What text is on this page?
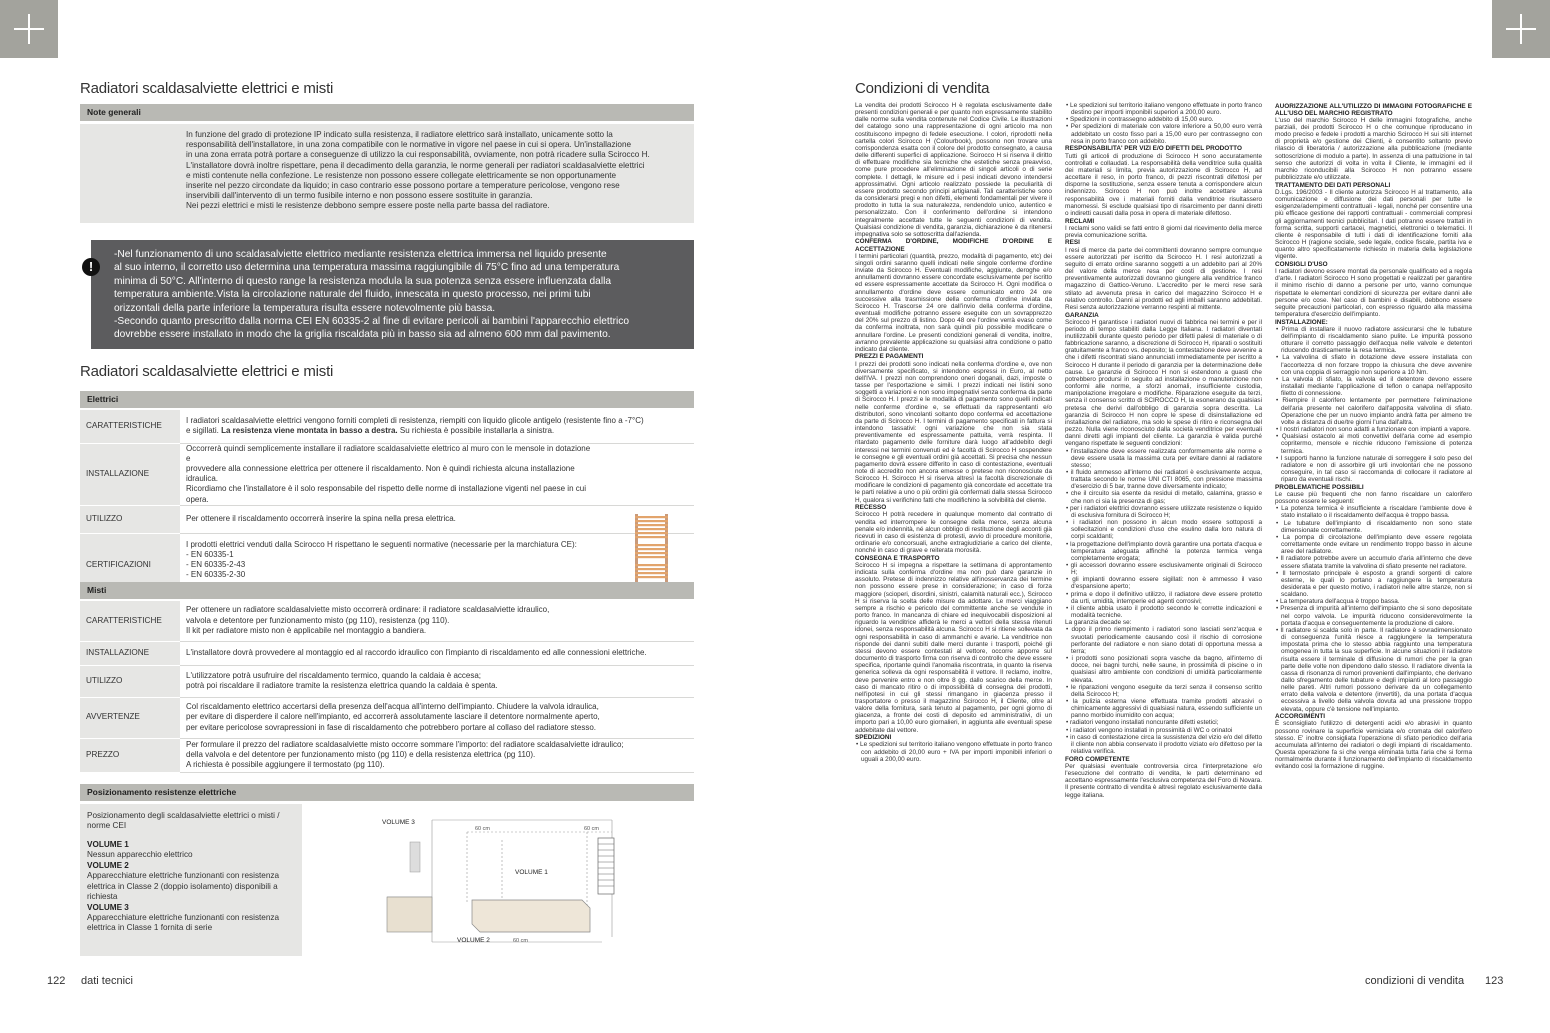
Radiatori scaldasalviette elettrici e misti
Note generali
In funzione del grado di protezione IP indicato sulla resistenza, il radiatore elettrico sarà installato, unicamente sotto la
responsabilità dell'installatore, in una zona compatibile con le normative in vigore nel paese in cui si opera. Un'installazione
in una zona errata potrà portare a conseguenze di utilizzo la cui responsabilità, ovviamente, non potrà ricadere sulla Scirocco H.
L'installatore dovrà inoltre rispettare, pena il decadimento della garanzia, le norme generali per radiatori scaldasalviette elettrici
e misti contenute nella confezione. Le resistenze non possono essere collegate elettricamente se non opportunamente
inserite nel pezzo circondate da liquido; in caso contrario esse possono portare a temperature pericolose, vengono rese
inservibili dall'intervento di un termo fusibile interno e non possono essere sostituite in garanzia.
Nei pezzi elettrici e misti le resistenze debbono sempre essere poste nella parte bassa del radiatore.
!
-Nel funzionamento di uno scaldasalviette elettrico mediante resistenza elettrica immersa nel liquido presente
al suo interno, il corretto uso determina una temperatura massima raggiungibile di 75°C fino ad una temperatura
minima di 50°C. All'interno di questo range la resistenza modula la sua potenza senza essere influenzata dalla
temperatura ambiente.Vista la circolazione naturale del fluido, innescata in questo processo, nei primi tubi
orizzontali della parte inferiore la temperatura risulta essere notevolmente più bassa.
-Secondo quanto prescritto dalla norma CEI EN 60335-2 al fine di evitare pericoli ai bambini l'apparecchio elettrico
dovrebbe essere installato in modo che la griglia riscaldata più in basso sia ad almeno 600 mm dal pavimento.
Radiatori scaldasalviette elettrici e misti
Elettrici
CARATTERISTICHE	I radiatori scaldasalviette elettrici vengono forniti completi di resistenza, riempiti con liquido glicole antigelo (resistente fino a -7°C)
e sigillati. La resistenza viene montata in basso a destra. Su richiesta è possibile installarla a sinistra.
INSTALLAZIONE	Occorrerà quindi semplicemente installare il radiatore scaldasalviette elettrico al muro con le mensole in dotazione e
provvedere alla connessione elettrica per ottenere il riscaldamento. Non è quindi richiesta alcuna installazione idraulica.
Ricordiamo che l'installatore è il solo responsabile del rispetto delle norme di installazione vigenti nel paese in cui opera.
UTILIZZO	Per ottenere il riscaldamento occorrerà inserire la spina nella presa elettrica.
CERTIFICAZIONI	I prodotti elettrici venduti dalla Scirocco H rispettano le seguenti normative (necessarie per la marchiatura CE):
- EN 60335-1
- EN 60335-2-43
- EN 60335-2-30

Misti
CARATTERISTICHE	Per ottenere un radiatore scaldasalviette misto occorrerà ordinare: il radiatore scaldasalviette idraulico,
valvola e detentore per funzionamento misto (pg 110), resistenza (pg 110).
Il kit per radiatore misto non è applicabile nel montaggio a bandiera.
INSTALLAZIONE	L'installatore dovrà provvedere al montaggio ed al raccordo idraulico con l'impianto di riscaldamento ed alle connessioni elettriche.
UTILIZZO	L'utilizzatore potrà usufruire del riscaldamento termico, quando la caldaia è accesa;
potrà poi riscaldare il radiatore tramite la resistenza elettrica quando la caldaia è spenta.
AVVERTENZE	Col riscaldamento elettrico accertarsi della presenza dell'acqua all'interno dell'impianto. Chiudere la valvola idraulica,
per evitare di disperdere il calore nell'impianto, ed accorrerà assolutamente lasciare il detentore normalmente aperto,
per evitare pericolose sovrapressioni in fase di riscaldamento che potrebbero portare al collaso del radiatore stesso.
PREZZO	Per formulare il prezzo del radiatore scaldasalviette misto occorre sommare l'importo: del radiatore scaldasalviette idraulico;
della valvola e del detentore per funzionamento misto (pg 110) e della resistenza elettrica (pg 110).
A richiesta è possibile aggiungere il termostato (pg 110).
Posizionamento resistenze elettriche
Posizionamento degli scaldasalviette elettrici o misti / norme CEI
VOLUME 1
Nessun apparecchio elettrico
VOLUME 2
Apparecchiature elettriche funzionanti con resistenza elettrica in Classe 2 (doppio isolamento) disponibili a richiesta
VOLUME 3
Apparecchiature elettriche funzionanti con resistenza elettrica in Classe 1 fornita di serie
VOLUME 3
VOLUME 1
VOLUME 2
60 cm	60 cm
60 cm
122 dati tecnici
Condizioni di vendita

La vendita dei prodotti Scirocco H è regolata esclusivamente dalle presenti condizioni generali e per quanto non espressamente stabilito dalle norme sulla vendita contenute nel Codice Civile. Le illustrazioni del catalogo sono una rappresentazione di ogni articolo ma non costituiscono impegno di fedele esecuzione. I colori, riprodotti nella cartella colori Scirocco H (Colourbook), possono non trovare una corrispondenza esatta con il colore del prodotto consegnato, a causa delle differenti superfici di applicazione. Scirocco H si riserva il diritto di effettuare modifiche sia tecniche che estetiche senza preavviso, come pure procedere all'eliminazione di singoli articoli o di serie complete. I dettagli, le misure ed i pesi indicati devono intendersi approssimativi. Ogni articolo realizzato possiede la peculiarità di essere prodotto secondo principi artigianali. Tali caratteristiche sono da considerarsi pregi e non difetti, elementi fondamentali per vivere il prodotto in tutta la sua naturalezza, rendendolo unico, autentico e personalizzato. Con il conferimento dell'ordine si intendono integralmente accettate tutte le seguenti condizioni di vendita. Qualsiasi condizione di vendita, garanzia, dichiarazione è da ritenersi impegnativa solo se sottoscritta dall'azienda.

CONFERMA D'ORDINE, MODIFICHE D'ORDINE E ACCETTAZIONE

I termini particolari (quantità, prezzo, modalità di pagamento, etc) dei singoli ordini saranno quelli indicati nelle singole conferme d'ordine inviate da Scirocco H. Eventuali modifiche, aggiunte, deroghe e/o annullamenti dovranno essere concordate esclusivamente per iscritto ed essere espressamente accettate da Scirocco H. Ogni modifica o annullamento d'ordine deve essere comunicato entro 24 ore successive alla trasmissione della conferma d'ordine inviata da Scirocco H. Trascorse 24 ore dall'invio della conferma d'ordine, eventuali modifiche potranno essere eseguite con un sovrapprezzo del 20% sul prezzo di listino. Dopo 48 ore l'ordine verrà evaso come da conferma inoltrata, non sarà quindi più possibile modificare o annullare l'ordine. Le presenti condizioni generali di vendita, inoltre, avranno prevalente applicazione su qualsiasi altra condizione o patto indicato dal cliente.

PREZZI E PAGAMENTI

I prezzi dei prodotti sono indicati nella conferma d'ordine e, ove non diversamente specificato, si intendono espressi in Euro, al netto dell'IVA. I prezzi non comprendono oneri doganali, dazi, imposte o tasse per l'esportazione e simili. I prezzi indicati nei listini sono soggetti a variazioni e non sono impegnativi senza conferma da parte di Scirocco H. I prezzi e le modalità di pagamento sono quelli indicati nelle conferme d'ordine e, se effettuati da rappresentanti e/o distributori, sono vincolanti soltanto dopo conferma ed accettazione da parte di Scirocco H. I termini di pagamento specificati in fattura si intendono tassativi: ogni variazione che non sia stata preventivamente ed espressamente pattuita, verrà respinta. Il ritardato pagamento delle forniture darà luogo all'addebito degli interessi nei termini convenuti ed è facoltà di Scirocco H sospendere le consegne e gli eventuali ordini già accettati. Si precisa che nessun pagamento dovrà essere differito in caso di contestazione, eventuali note di accredito non ancora emesse o pretese non riconosciute da Scirocco H. Scirocco H si riserva altresì la facoltà discrezionale di modificare le condizioni di pagamento già concordate ed accettate tra le parti relative a uno o più ordini già confermati dalla stessa Scirocco H, qualora si verifichino fatti che modifichino la solvibilità del cliente.

RECESSO

Scirocco H potrà recedere in qualunque momento dal contratto di vendita ed interrompere le consegne della merce, senza alcuna penale e/o indennità, né alcun obbligo di restituzione degli acconti già ricevuti in caso di esistenza di protesti, avvio di procedure monitorie, ordinarie e/o concorsuali, anche extragiudiziarie a carico del cliente, nonché in caso di grave e reiterata morosità.

CONSEGNA E TRASPORTO

Scirocco H si impegna a rispettare la settimana di approntamento indicata sulla conferma d'ordine ma non può dare garanzie in assoluto. Pretese di indennizzo relative all'inosservanza dei termine non possono essere prese in considerazione; in caso di forza maggiore (scioperi, disordini, sinistri, calamità naturali ecc.), Scirocco H si riserva la scelta delle misure da adottare. Le merci viaggiano sempre a rischio e pericolo del committente anche se vendute in porto franco. In mancanza di chiare ed inequivocabili disposizioni al riguardo la venditrice affiderà le merci a vettori della stessa ritenuti idonei, senza responsabilità alcuna. Scirocco H si ritiene sollevata da ogni responsabilità in caso di ammanchi e avarie. La venditrice non risponde dei danni subiti dalle merci durante i trasporti, poiché gli stessi devono essere contestati al vettore, occorre apporre sul documento di trasporto firma con riserva di controllo che deve essere specifica, riportante quindi l'anomalia riscontrata, in quanto la riserva generica solleva da ogni responsabilità il vettore. Il reclamo, inoltre, deve pervenire entro e non oltre 8 gg. dallo scarico della merce. In caso di mancato ritiro o di impossibilità di consegna dei prodotti, nell'ipotesi in cui gli stessi rimangano in giacenza presso il trasportatore o presso il magazzino Scirocco H, il Cliente, oltre al valore della fornitura, sarà tenuto al pagamento, per ogni giorno di giacenza, a fronte dei costi di deposito ed amministrativi, di un importo pari a 10,00 euro giornalieri, in aggiunta alle eventuali spese addebitate dal vettore.

SPEDIZIONI

• Le spedizioni sul territorio italiano vengono effettuate in porto franco con addebito di 20,00 euro + IVA per importi imponibili inferiori o uguali a 200,00 euro.

• Le spedizioni sul territorio italiano vengono effettuate in porto franco destino per importi imponibili superiori a 200,00 euro.

• Spedizioni in contrassegno addebito di 15,00 euro.

• Per spedizioni di materiale con valore inferiore a 50,00 euro verrà addebitato un costo fisso pari a 15,00 euro per contrassegno con resa in porto franco con addebito.

RESPONSABILITA' PER VIZI E/O DIFETTI DEL PRODOTTO

Tutti gli articoli di produzione di Scirocco H sono accuratamente controllati e collaudati. La responsabilità della venditrice sulla qualità dei materiali si limita, previa autorizzazione di Scirocco H, ad accettare il reso, in porto franco, di pezzi riscontrati difettosi per disporne la sostituzione, senza essere tenuta a corrispondere alcun indennizzo. Scirocco H non può inoltre accettare alcuna responsabilità ove i materiali forniti dalla venditrice risultassero manomessi. Si esclude qualsiasi tipo di risarcimento per danni diretti o indiretti causati dalla posa in opera di materiale difettoso.

RECLAMI

I reclami sono validi se fatti entro 8 giorni dal ricevimento della merce previa comunicazione scritta.

RESI

I resi di merce da parte dei committenti dovranno sempre comunque essere autorizzati per iscritto da Scirocco H. I resi autorizzati a seguito di errato ordine saranno soggetti a un addebito pari al 20% del valore della merce resa per costi di gestione. I resi preventivamente autorizzati dovranno giungere alla venditrice franco magazzino di Gattico-Veruno. L'accredito per le merci rese sarà stilato ad avvenuta presa in carico del magazzino Scirocco H e relativo controllo. Danni ai prodotti ed agli imballi saranno addebitati. Resi senza autorizzazione verranno respinti al mittente.

GARANZIA

Scirocco H garantisce i radiatori nuovi di fabbrica nei termini e per il periodo di tempo stabiliti dalla Legge Italiana. I radiatori diventati inutilizzabili durante questo periodo per difetti palesi di materiale o di fabbricazione saranno, a discrezione di Scirocco H, riparati o sostituiti gratuitamente a franco vs. deposito; la contestazione deve avvenire a che i difetti riscontrati siano annunciati immediatamente per iscritto a Scirocco H durante il periodo di garanzia per la determinazione delle cause. Le garanzie di Scirocco H non si estendono a guasti che potrebbero prodursi in seguito ad installazione o manutenzione non conformi alle norme, a sforzi anomali, insufficiente custodia, manipolazione irregolare e modifiche. Riparazione eseguite da terzi, senza il consenso scritto di SCIROCCO H, la esonerano da qualsiasi pretesa che derivi dall'obbligo di garanzia sopra descritta. La garanzia di Scirocco H non copre le spese di disinstallazione ed installazione del radiatore, ma solo le spese di ritiro e riconsegna del pezzo. Nulla viene riconosciuto dalla società venditrice per eventuali danni diretti agli impianti del cliente. La garanzia è valida purché vengano rispettate le seguenti condizioni:

• l'installazione deve essere realizzata conformemente alle norme e deve essere usata la massima cura per evitare danni al radiatore stesso;

• il fluido ammesso all'interno dei radiatori è esclusivamente acqua, trattata secondo le norme UNI CTI 8065, con pressione massima d'esercizio di 5 bar, tranne dove diversamente indicato;

• che il circuito sia esente da residui di metallo, calamina, grasso e che non ci sia la presenza di gas;

• per i radiatori elettrici dovranno essere utilizzate resistenze o liquido di esclusiva fornitura di Scirocco H;

• i radiatori non possono in alcun modo essere sottoposti a sollecitazioni e condizioni d'uso che esulino dalla loro natura di corpi scaldanti;

• la progettazione dell'impianto dovrà garantire una portata d'acqua e temperatura adeguata affinché la potenza termica venga completamente erogata;

• gli accessori dovranno essere esclusivamente originali di Scirocco H;

• gli impianti dovranno essere sigillati: non è ammesso il vaso d'espansione aperto;

• prima e dopo il definitivo utilizzo, il radiatore deve essere protetto da urti, umidità, intemperie ed agenti corrosivi;

• il cliente abbia usato il prodotto secondo le corrette indicazioni e modalità tecniche.

La garanzia decade se:

• dopo il primo riempimento i radiatori sono lasciati senz'acqua e svuotati periodicamente causando così il rischio di corrosione perforante del radiatore e non siano dotati di opportuna messa a terra;

• i prodotti sono posizionati sopra vasche da bagno, all'interno di docce, nei bagni turchi, nelle saune, in prossimità di piscine o in qualsiasi altro ambiente con condizioni di umidità particolarmente elevata.

• le riparazioni vengono eseguite da terzi senza il consenso scritto della Scirocco H;

• la pulizia esterna viene effettuata tramite prodotti abrasivi o chimicamente aggressivi di qualsiasi natura, essendo sufficiente un panno morbido inumidito con acqua;

• radiatori vengono installati noncurante difetti estetici;

• i radiatori vengono installati in prossimità di WC o orinatoi

• in caso di contestazione circa la sussistenza del vizio e/o del difetto il cliente non abbia conservato il prodotto viziato e/o difettoso per la relativa verifica.

FORO COMPETENTE

Per qualsiasi eventuale controversia circa l'interpretazione e/o l'esecuzione del contratto di vendita, le parti determinano ed accettano espressamente l'esclusiva competenza del Foro di Novara. Il presente contratto di vendita è altresì regolato esclusivamente dalla legge italiana.

AUORIZZAZIONE ALL'UTILIZZO DI IMMAGINI FOTOGRAFICHE E ALL'USO DEL MARCHIO REGISTRATO

L'uso del marchio Scirocco H delle immagini fotografiche, anche parziali, dei prodotti Scirocco H o che comunque riproducano in modo preciso e fedele i prodotti a marchio Scirocco H sui siti internet di proprietà e/o gestione dei Clienti, è consentito soltanto previo rilascio di liberatoria / autorizzazione alla pubblicazione (mediante sottoscrizione di modulo a parte). In assenza di una pattuizione in tal senso che autorizzi di volta in volta il Cliente, le immagini ed il marchio riconducibili alla Scirocco H non potranno essere pubblicizzate e/o utilizzate.

TRATTAMENTO DEI DATI PERSONALI

D.Lgs. 196/2003 - Il cliente autorizza Scirocco H al trattamento, alla comunicazione e diffusione dei dati personali per tutte le esigenze/adempimenti contrattuali - legali, nonché per consentire una più efficace gestione dei rapporti contrattuali - commerciali compresi gli aggiornamenti tecnici pubblicitari. I dati potranno essere trattati in forma scritta, supporti cartacei, magnetici, elettronici o telematici. Il cliente è responsabile di tutti i dati di identificazione forniti alla Scirocco H (ragione sociale, sede legale, codice fiscale, partita iva e quanto altro specificatamente richiesto in materia della legislazione vigente.

CONSIGLI D'USO

I radiatori devono essere montati da personale qualificato ed a regola d'arte. I radiatori Scirocco H sono progettati e realizzati per garantire il minimo rischio di danno a persone per urto, vanno comunque rispettate le elementari condizioni di sicurezza per evitare danni alle persone e/o cose. Nel caso di bambini e disabili, debbono essere seguite precauzioni particolari, con espresso riguardo alla massima temperatura d'esercizio dell'impianto.

INSTALLAZIONE:

• Prima di installare il nuovo radiatore assicurarsi che le tubature dell'impianto di riscaldamento siano pulite. Le impurità possono otturare il corretto passaggio dell'acqua nelle valvole e detentori riducendo drasticamente la resa termica.

• La valvolina di sfiato in dotazione deve essere installata con l'accortezza di non forzare troppo la chiusura che deve avvenire con una coppia di serraggio non superiore a 10 Nm.

• La valvola di sfiato, la valvola ed il detentore devono essere installati mediante l'applicazione di teflon o canapa nell'apposito filetto di connessione.

• Riempire il calorifero lentamente per permettere l'eliminazione dell'aria presente nel calorifero dall'apposita valvolina di sfiato. Operazione che per un nuovo impianto andrà fatta per almeno tre volte a distanza di due/tre giorni l'una dall'altra.

• I nostri radiatori non sono adatti a funzionare con impianti a vapore.

• Qualsiasi ostacolo ai moti convettivi dell'aria come ad esempio copritermo, mensole e nicchie riducono l'emissione di potenza termica.

• I supporti hanno la funzione naturale di sorreggere il solo peso del radiatore e non di assorbire gli urti involontari che ne possono conseguire, in tal caso si raccomanda di collocare il radiatore al riparo da eventuali rischi.

PROBLEMATICHE POSSIBILI

Le cause più frequenti che non fanno riscaldare un calorifero possono essere le seguenti:

• La potenza termica è insufficiente a riscaldare l'ambiente dove è stato installato o il riscaldamento dell'acqua è troppo bassa.

• Le tubature dell'impianto di riscaldamento non sono state dimensionate correttamente.

• La pompa di circolazione dell'impianto deve essere regolata correttamente onde evitare un rendimento troppo basso in alcune aree del radiatore.

• Il radiatore potrebbe avere un accumulo d'aria all'interno che deve essere sfiatata tramite la valvolina di sfiato presente nel radiatore.

• Il termostato principale è esposto a grandi sorgenti di calore esterne, le quali lo portano a raggiungere la temperatura desiderata e per questo motivo, i radiatori nelle altre stanze, non si scaldano.

• La temperatura dell'acqua è troppo bassa.

• Presenza di impurità all'interno dell'impianto che si sono depositate nel corpo valvola. Le impurità riducono considerevolmente la portata d'acqua e conseguentemente la produzione di calore.

• Il radiatore si scalda solo in parte. Il radiatore è sovradimensionato di conseguenza l'unità riesce a raggiungere la temperatura impostata prima che lo stesso abbia raggiunto una temperatura omogenea in tutta la sua superficie. In alcune situazioni il radiatore risulta essere il terminale di diffusione di rumori che per la gran parte delle volte non dipendono dallo stesso. Il radiatore diventa la cassa di risonanza di rumori provenienti dall'impianto, che derivano dallo sfregamento delle tubature e degli impianti al loro passaggio nelle pareti. Altri rumori possono derivare da un collegamento errato della valvola e detentore (invertiti), da una portata d'acqua eccessiva a livello della valvola dovuta ad una pressione troppo elevata, oppure c'è tensione nell'impianto.

ACCORGIMENTI

È sconsigliato l'utilizzo di detergenti acidi e/o abrasivi in quanto possono rovinare la superficie verniciata e/o cromata del calorifero stesso. E' inoltre consigliata l'operazione di sfiato periodico dell'aria accumulata all'interno dei radiatori o degli impianti di riscaldamento. Questa operazione fa si che venga eliminata tutta l'aria che si forma normalmente durante il funzionamento dell'impianto di riscaldamento evitando così la formazione di ruggine.

condizioni di vendita 123
